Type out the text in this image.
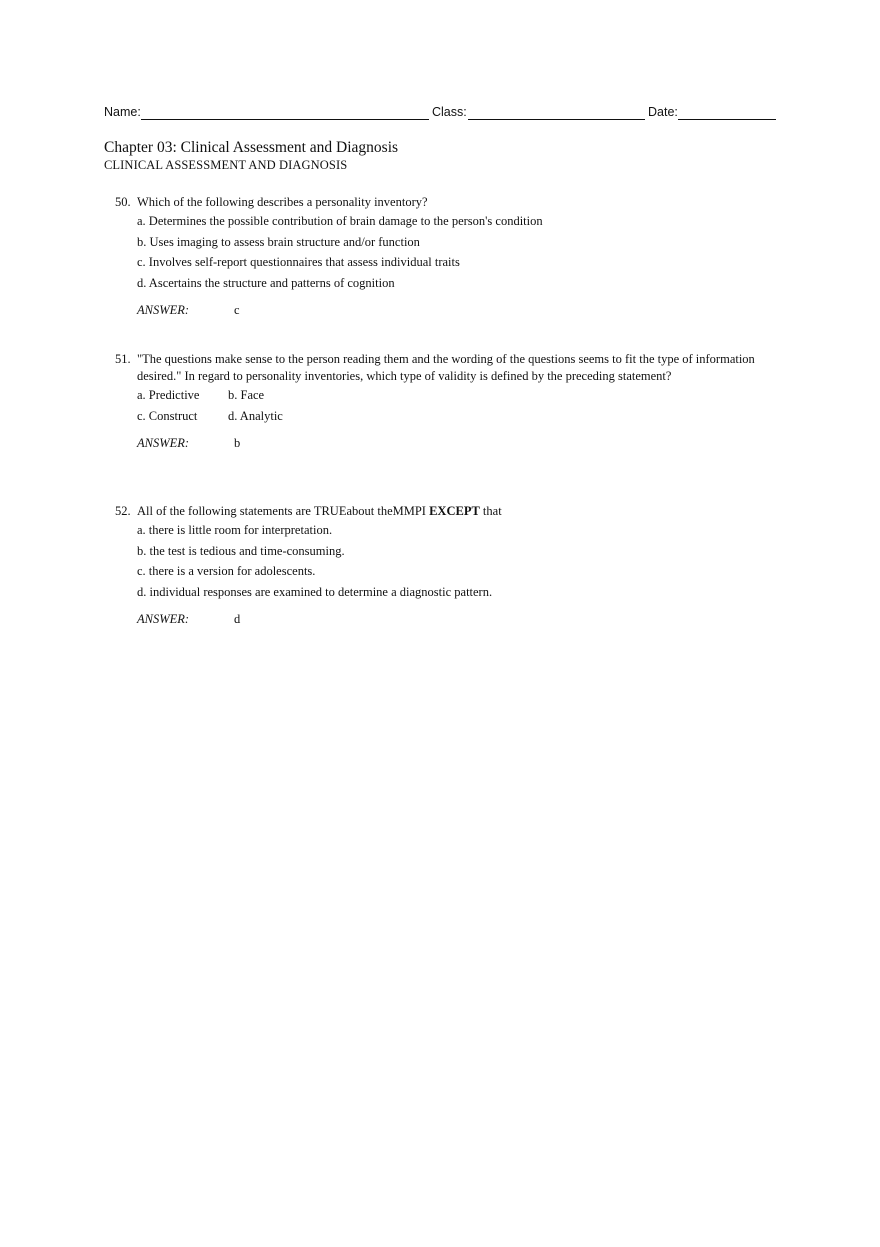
Name:	Class:	Date:
Chapter 03: Clinical Assessment and Diagnosis
CLINICAL ASSESSMENT AND DIAGNOSIS
50. Which of the following describes a personality inventory?
a. Determines the possible contribution of brain damage to the person's condition
b. Uses imaging to assess brain structure and/or function
c. Involves self-report questionnaires that assess individual traits
d. Ascertains the structure and patterns of cognition
ANSWER:	c
51. "The questions make sense to the person reading them and the wording of the questions seems to fit the type of information desired." In regard to personality inventories, which type of validity is defined by the preceding statement?
a. Predictive	b. Face
c. Construct	d. Analytic
ANSWER:	b
52. All of the following statements are TRUEabout theMMPI EXCEPT that
a. there is little room for interpretation.
b. the test is tedious and time-consuming.
c. there is a version for adolescents.
d. individual responses are examined to determine a diagnostic pattern.
ANSWER:	d
